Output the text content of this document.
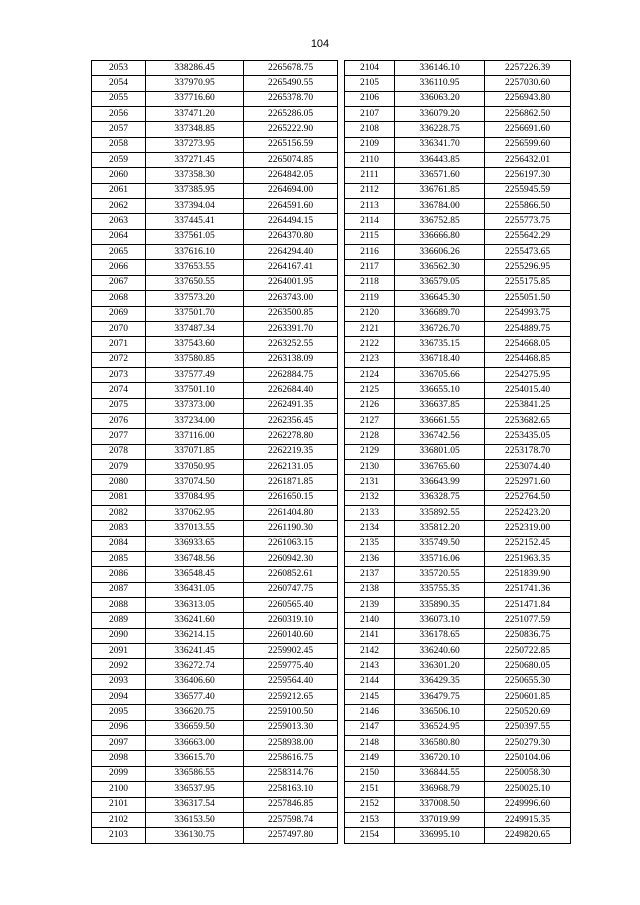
104
2053	338286.45	2265678.75
2054	337970.95	2265490.55
2055	337716.60	2265378.70
2056	337471.20	2265286.05
2057	337348.85	2265222.90
2058	337273.95	2265156.59
2059	337271.45	2265074.85
2060	337358.30	2264842.05
2061	337385.95	2264694.00
2062	337394.04	2264591.60
2063	337445.41	2264494.15
2064	337561.05	2264370.80
2065	337616.10	2264294.40
2066	337653.55	2264167.41
2067	337650.55	2264001.95
2068	337573.20	2263743.00
2069	337501.70	2263500.85
2070	337487.34	2263391.70
2071	337543.60	2263252.55
2072	337580.85	2263138.09
2073	337577.49	2262884.75
2074	337501.10	2262684.40
2075	337373.00	2262491.35
2076	337234.00	2262356.45
2077	337116.00	2262278.80
2078	337071.85	2262219.35
2079	337050.95	2262131.05
2080	337074.50	2261871.85
2081	337084.95	2261650.15
2082	337062.95	2261404.80
2083	337013.55	2261190.30
2084	336933.65	2261063.15
2085	336748.56	2260942.30
2086	336548.45	2260852.61
2087	336431.05	2260747.75
2088	336313.05	2260565.40
2089	336241.60	2260319.10
2090	336214.15	2260140.60
2091	336241.45	2259902.45
2092	336272.74	2259775.40
2093	336406.60	2259564.40
2094	336577.40	2259212.65
2095	336620.75	2259100.50
2096	336659.50	2259013.30
2097	336663.00	2258938.00
2098	336615.70	2258616.75
2099	336586.55	2258314.76
2100	336537.95	2258163.10
2101	336317.54	2257846.85
2102	336153.50	2257598.74
2103	336130.75	2257497.80
2104	336146.10	2257226.39
2105	336110.95	2257030.60
2106	336063.20	2256943.80
2107	336079.20	2256862.50
2108	336228.75	2256691.60
2109	336341.70	2256599.60
2110	336443.85	2256432.01
2111	336571.60	2256197.30
2112	336761.85	2255945.59
2113	336784.00	2255866.50
2114	336752.85	2255773.75
2115	336666.80	2255642.29
2116	336606.26	2255473.65
2117	336562.30	2255296.95
2118	336579.05	2255175.85
2119	336645.30	2255051.50
2120	336689.70	2254993.75
2121	336726.70	2254889.75
2122	336735.15	2254668.05
2123	336718.40	2254468.85
2124	336705.66	2254275.95
2125	336655.10	2254015.40
2126	336637.85	2253841.25
2127	336661.55	2253682.65
2128	336742.56	2253435.05
2129	336801.05	2253178.70
2130	336765.60	2253074.40
2131	336643.99	2252971.60
2132	336328.75	2252764.50
2133	335892.55	2252423.20
2134	335812.20	2252319.00
2135	335749.50	2252152.45
2136	335716.06	2251963.35
2137	335720.55	2251839.90
2138	335755.35	2251741.36
2139	335890.35	2251471.84
2140	336073.10	2251077.59
2141	336178.65	2250836.75
2142	336240.60	2250722.85
2143	336301.20	2250680.05
2144	336429.35	2250655.30
2145	336479.75	2250601.85
2146	336506.10	2250520.69
2147	336524.95	2250397.55
2148	336580.80	2250279.30
2149	336720.10	2250104.06
2150	336844.55	2250058.30
2151	336968.79	2250025.10
2152	337008.50	2249996.60
2153	337019.99	2249915.35
2154	336995.10	2249820.65
